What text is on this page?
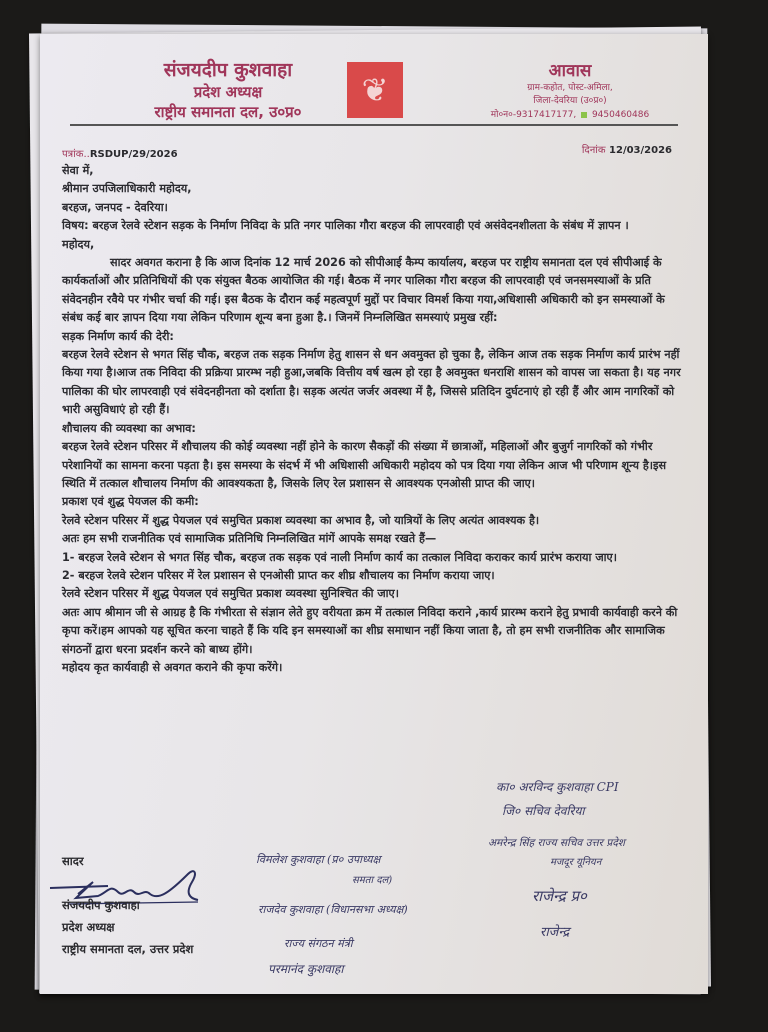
संजयदीप कुशवाहा
प्रदेश अध्यक्ष
राष्ट्रीय समानता दल, उ०प्र०
❦	आवास
ग्राम-कहोत, पोस्ट-अमिला,
जिला-देवरिया (उ०प्र०)
मो०न०-9317417177, 9450460486
पत्रांक..RSDUP/29/2026	दिनांक 12/03/2026

सेवा में,

श्रीमान उपजिलाधिकारी महोदय,

बरहज, जनपद - देवरिया।

विषय: बरहज रेलवे स्टेशन सड़क के निर्माण निविदा के प्रति नगर पालिका गौरा बरहज की लापरवाही एवं असंवेदनशीलता के संबंध में ज्ञापन ।

महोदय,

सादर अवगत कराना है कि आज दिनांक 12 मार्च 2026 को सीपीआई कैम्प कार्यालय, बरहज पर राष्ट्रीय समानता दल एवं सीपीआई के कार्यकर्ताओं और प्रतिनिधियों की एक संयुक्त बैठक आयोजित की गई। बैठक में नगर पालिका गौरा बरहज की लापरवाही एवं जनसमस्याओं के प्रति संवेदनहीन रवैये पर गंभीर चर्चा की गई। इस बैठक के दौरान कई महत्वपूर्ण मुद्दों पर विचार विमर्श किया गया,अधिशासी अधिकारी को इन समस्याओं के संबंध कई बार ज्ञापन दिया गया लेकिन परिणाम शून्य बना हुआ है.। जिनमें निम्नलिखित समस्याएं प्रमुख रहीं:

सड़क निर्माण कार्य की देरी:

बरहज रेलवे स्टेशन से भगत सिंह चौक, बरहज तक सड़क निर्माण हेतु शासन से धन अवमुक्त हो चुका है, लेकिन आज तक सड़क निर्माण कार्य प्रारंभ नहीं किया गया है।आज तक निविदा की प्रक्रिया प्रारम्भ नही हुआ,जबकि वित्तीय वर्ष खत्म हो रहा है अवमुक्त धनराशि शासन को वापस जा सकता है। यह नगर पालिका की घोर लापरवाही एवं संवेदनहीनता को दर्शाता है। सड़क अत्यंत जर्जर अवस्था में है, जिससे प्रतिदिन दुर्घटनाएं हो रही हैं और आम नागरिकों को भारी असुविधाएं हो रही हैं।

शौचालय की व्यवस्था का अभाव:

बरहज रेलवे स्टेशन परिसर में शौचालय की कोई व्यवस्था नहीं होने के कारण सैकड़ों की संख्या में छात्राओं, महिलाओं और बुजुर्ग नागरिकों को गंभीर परेशानियों का सामना करना पड़ता है। इस समस्या के संदर्भ में भी अधिशासी अधिकारी महोदय को पत्र दिया गया लेकिन आज भी परिणाम शून्य है।इस स्थिति में तत्काल शौचालय निर्माण की आवश्यकता है, जिसके लिए रेल प्रशासन से आवश्यक एनओसी प्राप्त की जाए।

प्रकाश एवं शुद्ध पेयजल की कमी:

रेलवे स्टेशन परिसर में शुद्ध पेयजल एवं समुचित प्रकाश व्यवस्था का अभाव है, जो यात्रियों के लिए अत्यंत आवश्यक है।

अतः हम सभी राजनीतिक एवं सामाजिक प्रतिनिधि निम्नलिखित मांगें आपके समक्ष रखते हैं—

1- बरहज रेलवे स्टेशन से भगत सिंह चौक, बरहज तक सड़क एवं नाली निर्माण कार्य का तत्काल निविदा कराकर कार्य प्रारंभ कराया जाए।

2- बरहज रेलवे स्टेशन परिसर में रेल प्रशासन से एनओसी प्राप्त कर शीघ्र शौचालय का निर्माण कराया जाए।

रेलवे स्टेशन परिसर में शुद्ध पेयजल एवं समुचित प्रकाश व्यवस्था सुनिश्चित की जाए।

अतः आप श्रीमान जी से आग्रह है कि गंभीरता से संज्ञान लेते हुए वरीयता क्रम में तत्काल निविदा कराने ,कार्य प्रारम्भ कराने हेतु प्रभावी कार्यवाही करने की कृपा करें।हम आपको यह सूचित करना चाहते हैं कि यदि इन समस्याओं का शीघ्र समाधान नहीं किया जाता है, तो हम सभी राजनीतिक और सामाजिक संगठनों द्वारा धरना प्रदर्शन करने को बाध्य होंगे।

महोदय कृत कार्यवाही से अवगत कराने की कृपा करेंगे।

सादर
संजयदीप कुशवाहा
प्रदेश अध्यक्ष
राष्ट्रीय समानता दल, उत्तर प्रदेश
का० अरविन्द कुशवाहा CPI
जि० सचिव देवरिया
विमलेश कुशवाहा (प्र० उपाध्यक्ष
समता दल)
अमरेन्द्र सिंह राज्य सचिव उत्तर प्रदेश
मजदूर यूनियन
राजदेव कुशवाहा (विधानसभा अध्यक्ष)
राजेन्द्र प्र०
राजेन्द्र
राज्य संगठन मंत्री
परमानंद कुशवाहा
